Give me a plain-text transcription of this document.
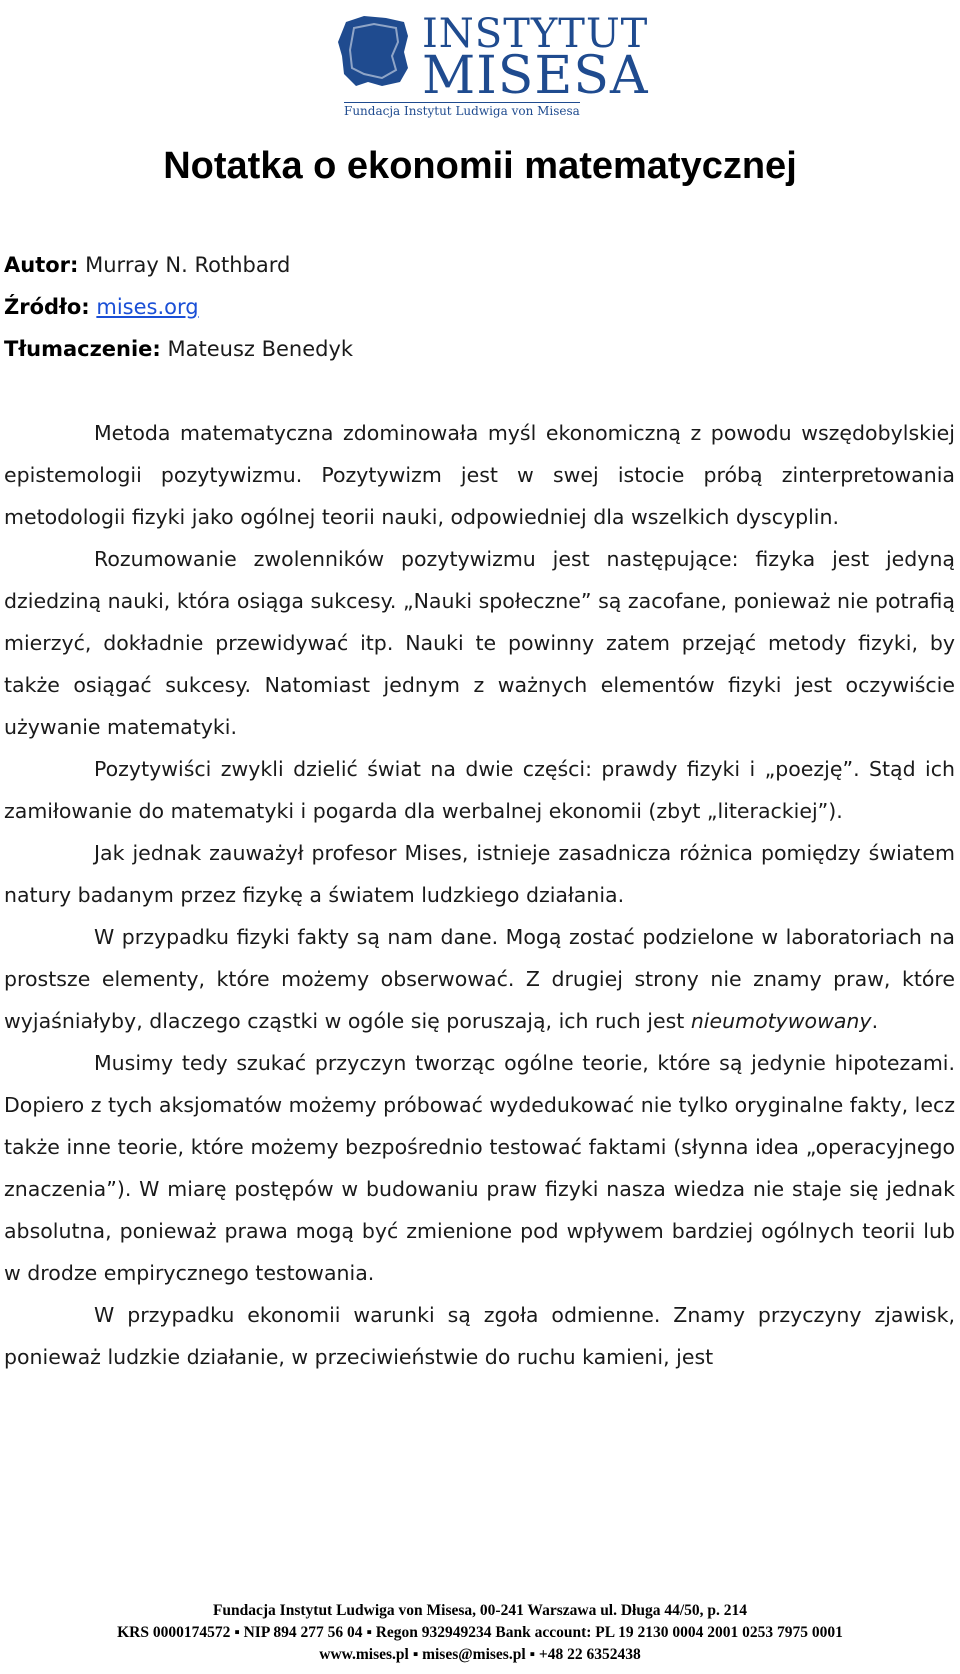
INSTYTUT
MISESA
Fundacja Instytut Ludwiga von Misesa
Notatka o ekonomii matematycznej
Autor: Murray N. Rothbard
Źródło: mises.org
Tłumaczenie: Mateusz Benedyk

Metoda matematyczna zdominowała myśl ekonomiczną z powodu wszędobylskiej epistemologii pozytywizmu. Pozytywizm jest w swej istocie próbą zinterpretowania metodologii fizyki jako ogólnej teorii nauki, odpowiedniej dla wszelkich dyscyplin.

Rozumowanie zwolenników pozytywizmu jest następujące: fizyka jest jedyną dziedziną nauki, która osiąga sukcesy. „Nauki społeczne” są zacofane, ponieważ nie potrafią mierzyć, dokładnie przewidywać itp. Nauki te powinny zatem przejąć metody fizyki, by także osiągać sukcesy. Natomiast jednym z ważnych elementów fizyki jest oczywiście używanie matematyki.

Pozytywiści zwykli dzielić świat na dwie części: prawdy fizyki i „poezję”. Stąd ich zamiłowanie do matematyki i pogarda dla werbalnej ekonomii (zbyt „literackiej”).

Jak jednak zauważył profesor Mises, istnieje zasadnicza różnica pomiędzy światem natury badanym przez fizykę a światem ludzkiego działania.

W przypadku fizyki fakty są nam dane. Mogą zostać podzielone w laboratoriach na prostsze elementy, które możemy obserwować. Z drugiej strony nie znamy praw, które wyjaśniałyby, dlaczego cząstki w ogóle się poruszają, ich ruch jest nieumotywowany.

Musimy tedy szukać przyczyn tworząc ogólne teorie, które są jedynie hipotezami. Dopiero z tych aksjomatów możemy próbować wydedukować nie tylko oryginalne fakty, lecz także inne teorie, które możemy bezpośrednio testować faktami (słynna idea „operacyjnego znaczenia”). W miarę postępów w budowaniu praw fizyki nasza wiedza nie staje się jednak absolutna, ponieważ prawa mogą być zmienione pod wpływem bardziej ogólnych teorii lub w drodze empirycznego testowania.

W przypadku ekonomii warunki są zgoła odmienne. Znamy przyczyny zjawisk, ponieważ ludzkie działanie, w przeciwieństwie do ruchu kamieni, jest

Fundacja Instytut Ludwiga von Misesa, 00-241 Warszawa ul. Długa 44/50, p. 214
KRS 0000174572 ▪ NIP 894 277 56 04 ▪ Regon 932949234 Bank account: PL 19 2130 0004 2001 0253 7975 0001
www.mises.pl ▪ mises@mises.pl ▪ +48 22 6352438
